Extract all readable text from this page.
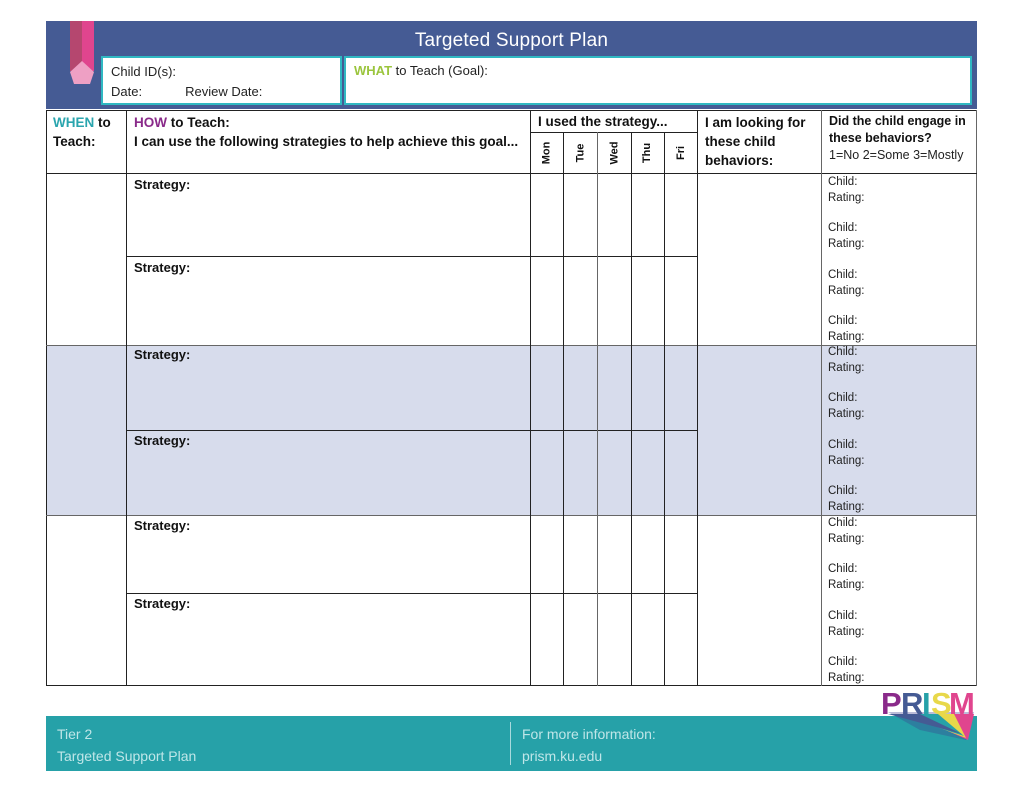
Targeted Support Plan
Child ID(s):
Date:	Review Date:
WHAT to Teach (Goal):
WHEN to
Teach:
HOW to Teach:
I can use the following strategies to help achieve this goal...
I used the strategy...
Mon Tue Wed Thu Fri
I am looking for
these child
behaviors:
Did the child engage in
these behaviors?
1=No 2=Some 3=Mostly
Strategy:
Strategy:
Child:
Rating:
Child:
Rating:
Child:
Rating:
Child:
Rating:
Strategy:
Strategy:
Child:
Rating:
Child:
Rating:
Child:
Rating:
Child:
Rating:
Strategy:
Strategy:
Child:
Rating:
Child:
Rating:
Child:
Rating:
Child:
Rating:
Tier 2
Targeted Support Plan
For more information:
prism.ku.edu
P R
I S
M
